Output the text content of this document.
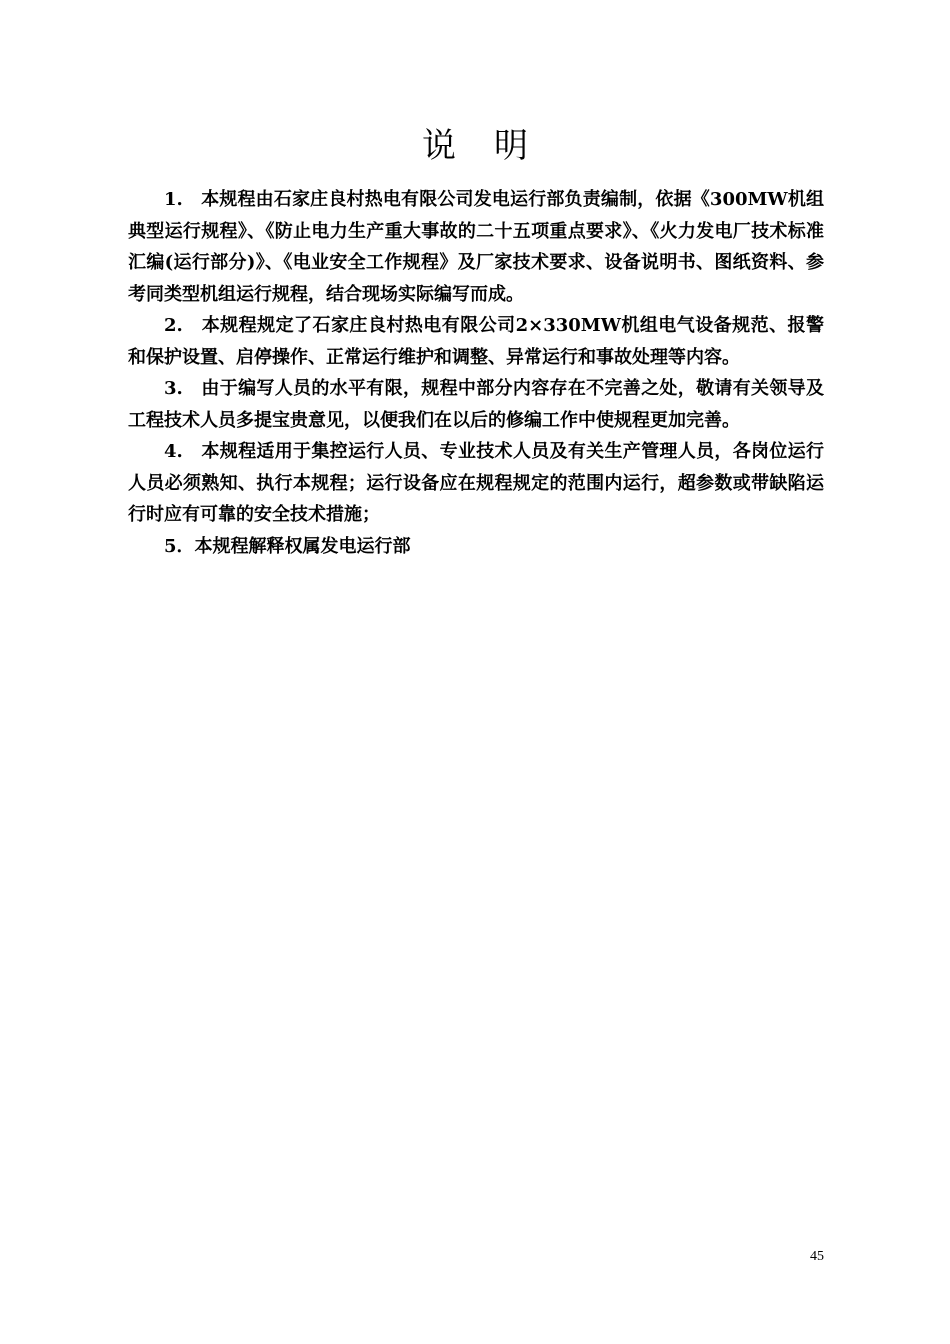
说明

1.　本规程由石家庄良村热电有限公司发电运行部负责编制，依据《300MW机组典型运行规程》、《防止电力生产重大事故的二十五项重点要求》、《火力发电厂技术标准汇编(运行部分)》、《电业安全工作规程》及厂家技术要求、设备说明书、图纸资料、参考同类型机组运行规程，结合现场实际编写而成。

2.　本规程规定了石家庄良村热电有限公司2×330MW机组电气设备规范、报警和保护设置、启停操作、正常运行维护和调整、异常运行和事故处理等内容。

3.　由于编写人员的水平有限，规程中部分内容存在不完善之处，敬请有关领导及工程技术人员多提宝贵意见，以便我们在以后的修编工作中使规程更加完善。

4.　本规程适用于集控运行人员、专业技术人员及有关生产管理人员，各岗位运行人员必须熟知、执行本规程；运行设备应在规程规定的范围内运行，超参数或带缺陷运行时应有可靠的安全技术措施；

5．本规程解释权属发电运行部

45
